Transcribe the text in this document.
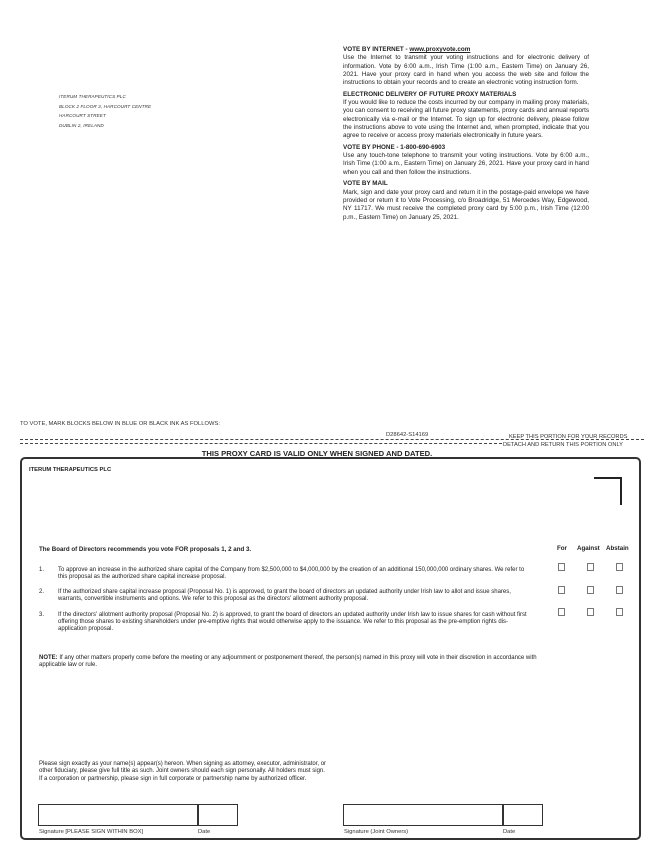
ITERUM THERAPEUTICS PLC
BLOCK 2 FLOOR 3, HARCOURT CENTRE
HARCOURT STREET
DUBLIN 2, IRELAND
VOTE BY INTERNET - www.proxyvote.com
Use the Internet to transmit your voting instructions and for electronic delivery of information. Vote by 6:00 a.m., Irish Time (1:00 a.m., Eastern Time) on January 26, 2021. Have your proxy card in hand when you access the web site and follow the instructions to obtain your records and to create an electronic voting instruction form.
ELECTRONIC DELIVERY OF FUTURE PROXY MATERIALS
If you would like to reduce the costs incurred by our company in mailing proxy materials, you can consent to receiving all future proxy statements, proxy cards and annual reports electronically via e-mail or the Internet. To sign up for electronic delivery, please follow the instructions above to vote using the Internet and, when prompted, indicate that you agree to receive or access proxy materials electronically in future years.
VOTE BY PHONE - 1-800-690-6903
Use any touch-tone telephone to transmit your voting instructions. Vote by 6:00 a.m., Irish Time (1:00 a.m., Eastern Time) on January 26, 2021. Have your proxy card in hand when you call and then follow the instructions.
VOTE BY MAIL
Mark, sign and date your proxy card and return it in the postage-paid envelope we have provided or return it to Vote Processing, c/o Broadridge, 51 Mercedes Way, Edgewood, NY 11717. We must receive the completed proxy card by 5:00 p.m., Irish Time (12:00 p.m., Eastern Time) on January 25, 2021.
TO VOTE, MARK BLOCKS BELOW IN BLUE OR BLACK INK AS FOLLOWS:
D28642-S14169	KEEP THIS PORTION FOR YOUR RECORDS
DETACH AND RETURN THIS PORTION ONLY
THIS PROXY CARD IS VALID ONLY WHEN SIGNED AND DATED.
ITERUM THERAPEUTICS PLC
The Board of Directors recommends you vote FOR proposals 1, 2 and 3.	For Against Abstain
1. To approve an increase in the authorized share capital of the Company from $2,500,000 to $4,000,000 by the creation of an additional 150,000,000 ordinary shares. We refer to this proposal as the authorized share capital increase proposal.
2. If the authorized share capital increase proposal (Proposal No. 1) is approved, to grant the board of directors an updated authority under Irish law to allot and issue shares, warrants, convertible instruments and options. We refer to this proposal as the directors' allotment authority proposal.
3. If the directors' allotment authority proposal (Proposal No. 2) is approved, to grant the board of directors an updated authority under Irish law to issue shares for cash without first offering those shares to existing shareholders under pre-emptive rights that would otherwise apply to the issuance. We refer to this proposal as the pre-emption rights dis-application proposal.
NOTE: If any other matters properly come before the meeting or any adjournment or postponement thereof, the person(s) named in this proxy will vote in their discretion in accordance with applicable law or rule.
Please sign exactly as your name(s) appear(s) hereon. When signing as attorney, executor, administrator, or other fiduciary, please give full title as such. Joint owners should each sign personally. All holders must sign. If a corporation or partnership, please sign in full corporate or partnership name by authorized officer.
Signature [PLEASE SIGN WITHIN BOX]	Date	Signature (Joint Owners)	Date
